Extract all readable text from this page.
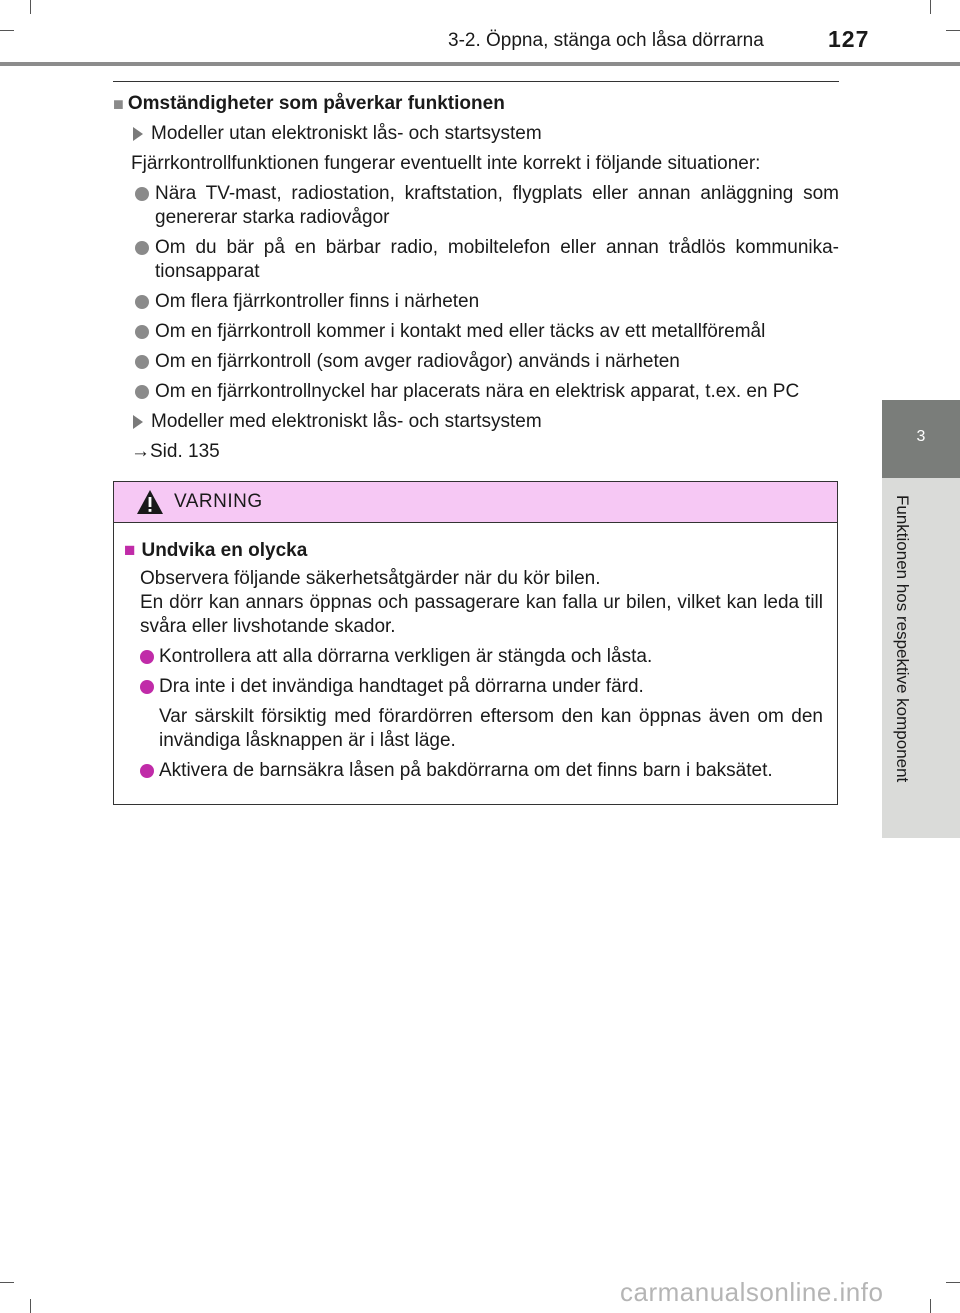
3-2. Öppna, stänga och låsa dörrarna	127
3
Funktionen hos respektive komponent
■ Omständigheter som påverkar funktionen
Modeller utan elektroniskt lås- och startsystem
Fjärrkontrollfunktionen fungerar eventuellt inte korrekt i följande situationer:
Nära TV-mast, radiostation, kraftstation, flygplats eller annan anläggning som genererar starka radiovågor
Om du bär på en bärbar radio, mobiltelefon eller annan trådlös kommunika-tionsapparat
Om flera fjärrkontroller finns i närheten
Om en fjärrkontroll kommer i kontakt med eller täcks av ett metallföremål
Om en fjärrkontroll (som avger radiovågor) används i närheten
Om en fjärrkontrollnyckel har placerats nära en elektrisk apparat, t.ex. en PC
Modeller med elektroniskt lås- och startsystem
→Sid. 135
VARNING
■ Undvika en olycka
Observera följande säkerhetsåtgärder när du kör bilen.
En dörr kan annars öppnas och passagerare kan falla ur bilen, vilket kan leda till svåra eller livshotande skador.
Kontrollera att alla dörrarna verkligen är stängda och låsta.
Dra inte i det invändiga handtaget på dörrarna under färd.
Var särskilt försiktig med förardörren eftersom den kan öppnas även om den invändiga låsknappen är i låst läge.
Aktivera de barnsäkra låsen på bakdörrarna om det finns barn i baksätet.
carmanualsonline.info
